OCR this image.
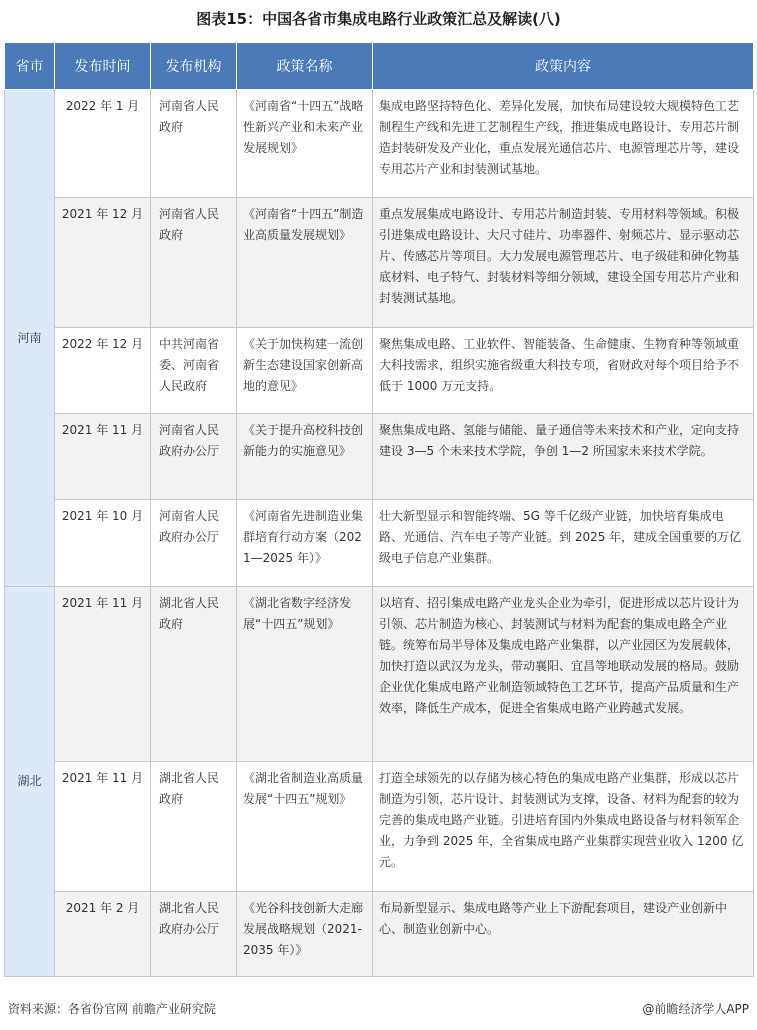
图表15：中国各省市集成电路行业政策汇总及解读(八)
省市	发布时间	发布机构	政策名称	政策内容
河南	2022 年 1 月	河南省人民政府	《河南省“十四五”战略性新兴产业和未来产业发展规划》	集成电路坚持特色化、差异化发展，加快布局建设较大规模特色工艺制程生产线和先进工艺制程生产线，推进集成电路设计、专用芯片制造封装研发及产业化，重点发展光通信芯片、电源管理芯片等，建设专用芯片产业和封装测试基地。
	2021 年 12 月	河南省人民政府	《河南省“十四五”制造业高质量发展规划》	重点发展集成电路设计、专用芯片制造封装、专用材料等领域。积极引进集成电路设计、大尺寸硅片、功率器件、射频芯片、显示驱动芯片、传感芯片等项目。大力发展电源管理芯片、电子级硅和砷化物基底材料、电子特气、封装材料等细分领域，建设全国专用芯片产业和封装测试基地。
	2022 年 12 月	中共河南省委、河南省人民政府	《关于加快构建一流创新生态建设国家创新高地的意见》	聚焦集成电路、工业软件、智能装备、生命健康、生物育种等领域重大科技需求，组织实施省级重大科技专项，省财政对每个项目给予不低于 1000 万元支持。
	2021 年 11 月	河南省人民政府办公厅	《关于提升高校科技创新能力的实施意见》	聚焦集成电路、氢能与储能、量子通信等未来技术和产业，定向支持建设 3—5 个未来技术学院，争创 1—2 所国家未来技术学院。
	2021 年 10 月	河南省人民政府办公厅	《河南省先进制造业集群培育行动方案（2021—2025 年）》	壮大新型显示和智能终端、5G 等千亿级产业链，加快培育集成电路、光通信、汽车电子等产业链。到 2025 年，建成全国重要的万亿级电子信息产业集群。
湖北	2021 年 11 月	湖北省人民政府	《湖北省数字经济发展“十四五”规划》	以培育、招引集成电路产业龙头企业为牵引，促进形成以芯片设计为引领、芯片制造为核心、封装测试与材料为配套的集成电路全产业链。统筹布局半导体及集成电路产业集群，以产业园区为发展载体，加快打造以武汉为龙头，带动襄阳、宜昌等地联动发展的格局。鼓励企业优化集成电路产业制造领域特色工艺环节，提高产品质量和生产效率，降低生产成本，促进全省集成电路产业跨越式发展。
	2021 年 11 月	湖北省人民政府	《湖北省制造业高质量发展“十四五”规划》	打造全球领先的以存储为核心特色的集成电路产业集群，形成以芯片制造为引领，芯片设计、封装测试为支撑，设备、材料为配套的较为完善的集成电路产业链。引进培育国内外集成电路设备与材料领军企业，力争到 2025 年，全省集成电路产业集群实现营业收入 1200 亿元。
	2021 年 2 月	湖北省人民政府办公厅	《光谷科技创新大走廊发展战略规划（2021-2035 年）》	布局新型显示、集成电路等产业上下游配套项目，建设产业创新中心、制造业创新中心。
资料来源：各省份官网 前瞻产业研究院	@前瞻经济学人APP
